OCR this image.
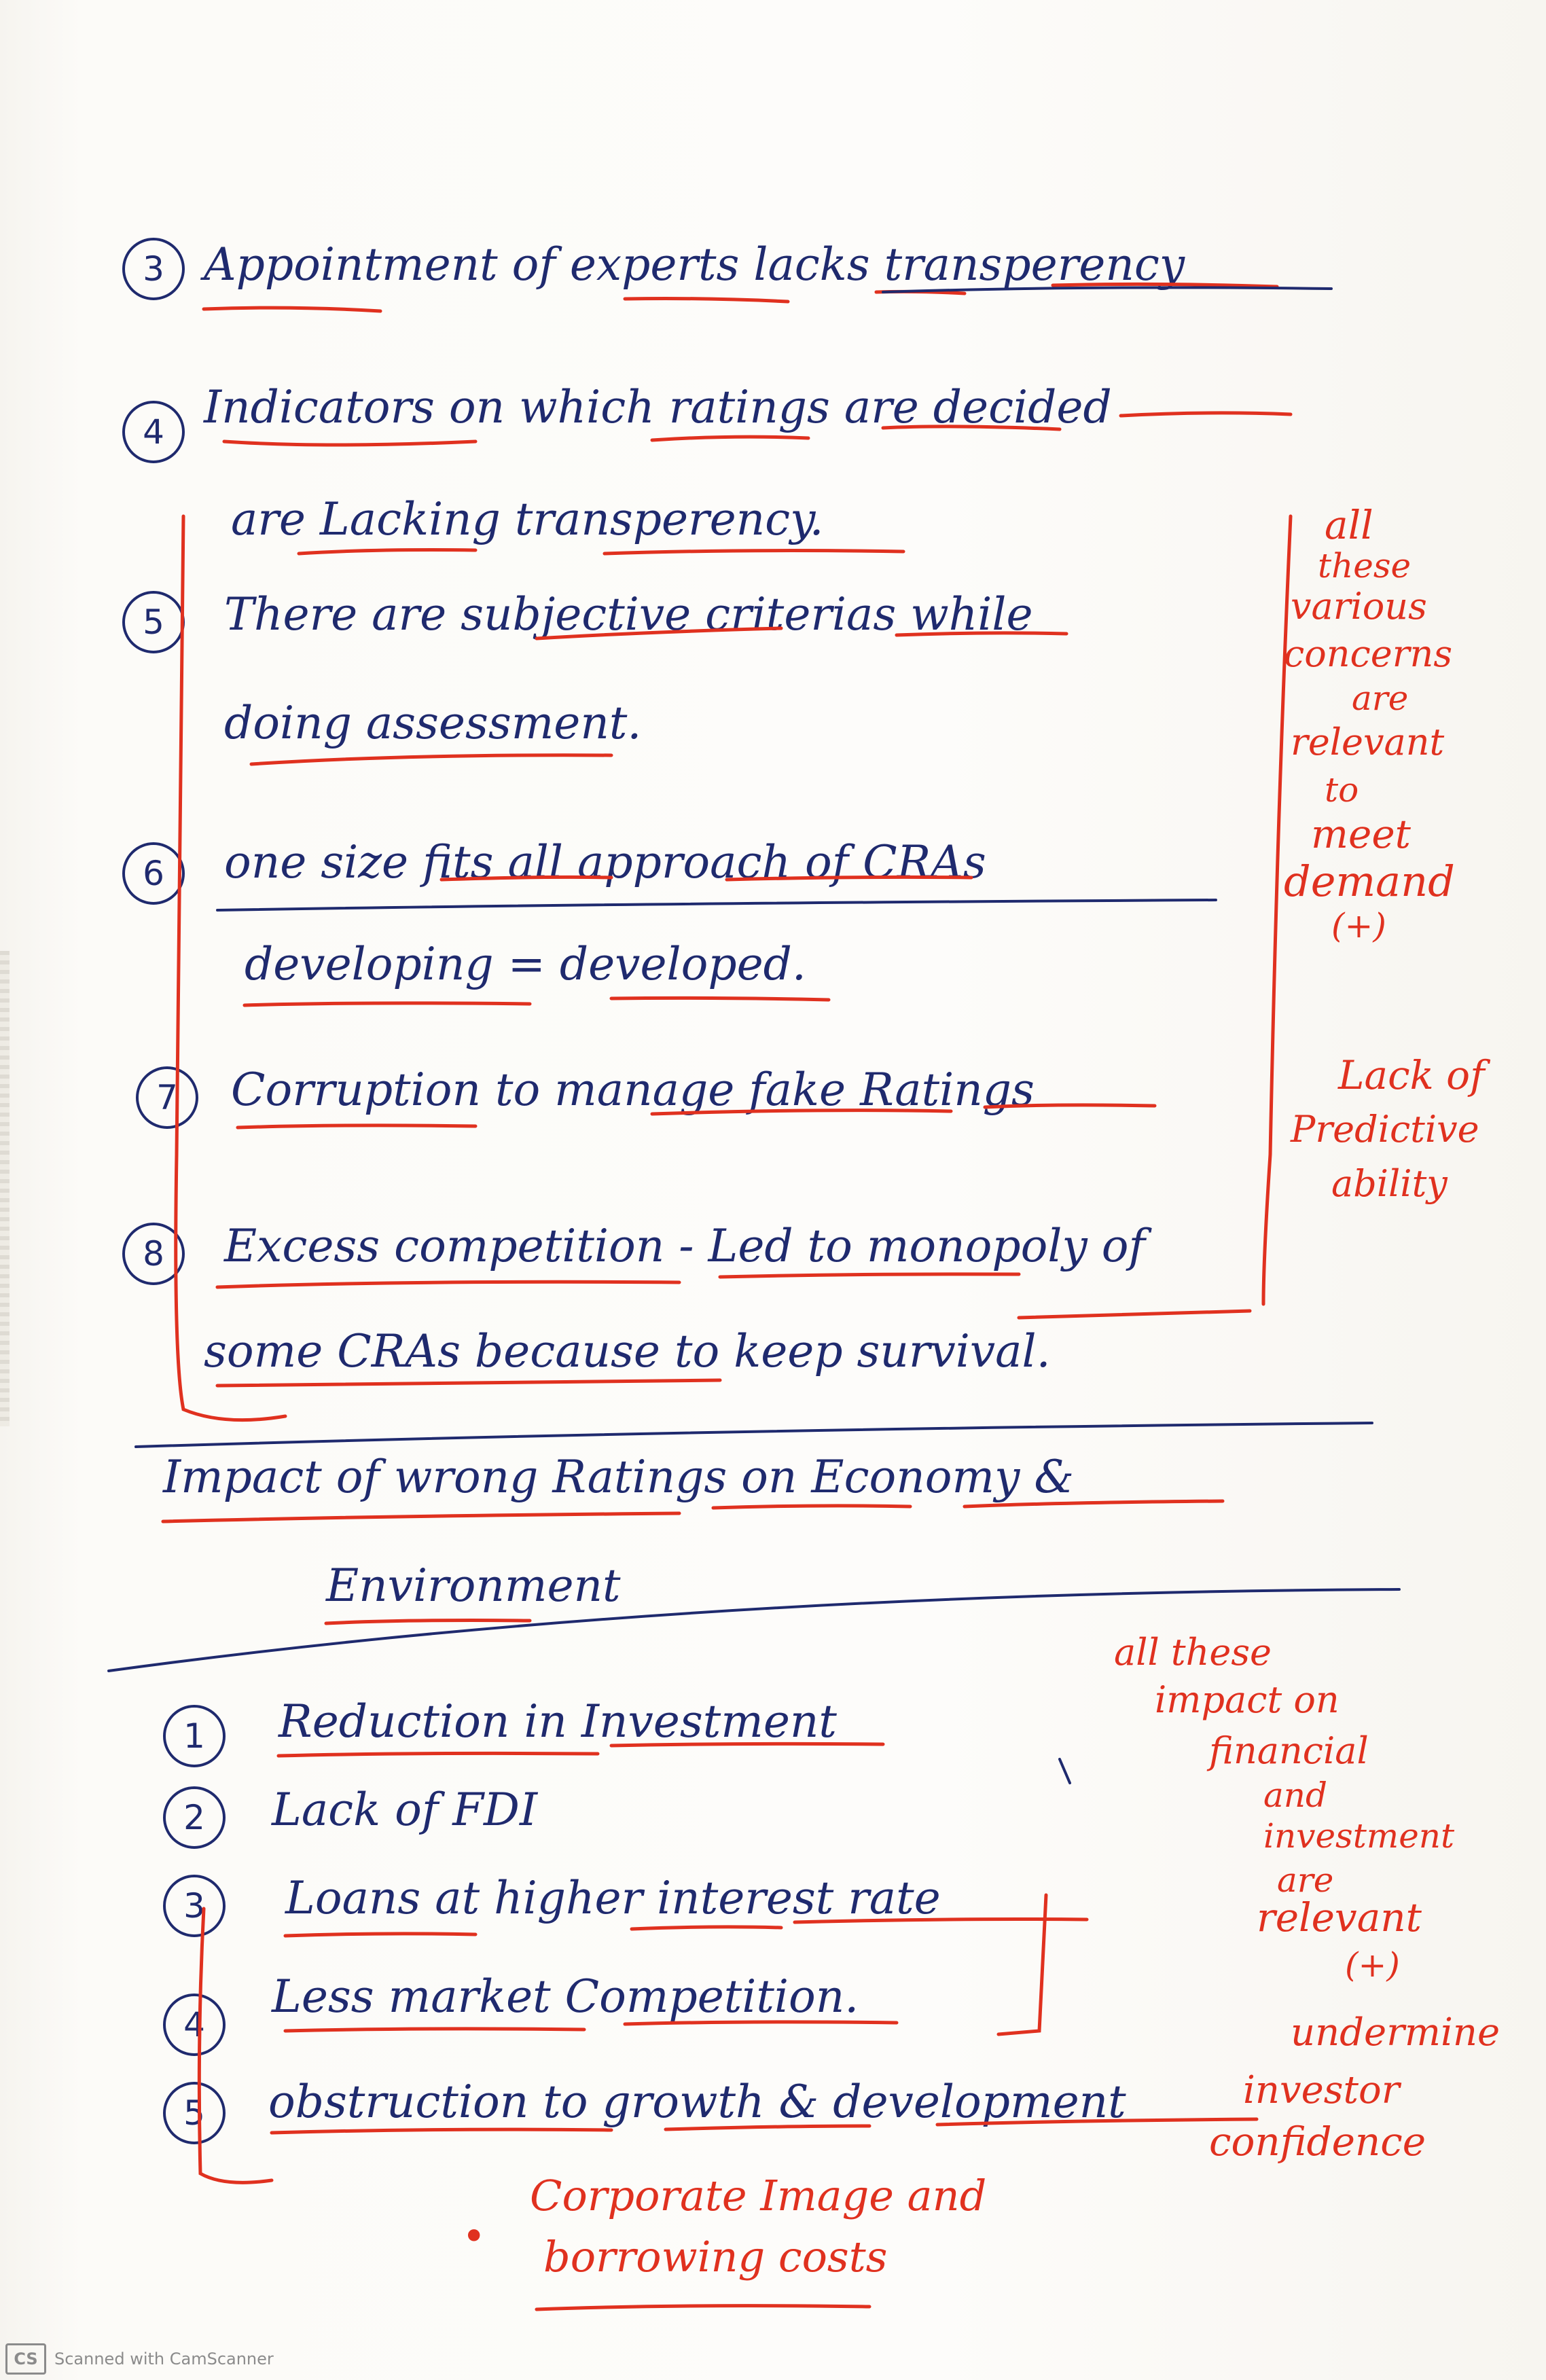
3 Appointment of experts lacks transperency
4 Indicators on which ratings are decided
are Lacking transperency.
5	There are subjective criterias while
doing assessment.
6	one size fits all approach of CRAs
developing = developed.
7	Corruption to manage fake Ratings
8	Excess competition - Led to monopoly of
some CRAs because to keep survival.
Impact of wrong Ratings on Economy &
Environment
1	Reduction in Investment
2	Lack of FDI
3	Loans at higher interest rate
4
Less market Competition.
5	obstruction to growth & development
•
Corporate Image and
borrowing costs
all
these
various
concerns
are
relevant
to
meet
demand
(+)
Lack of
Predictive
ability
all these
impact on
financial
and
investment
are
relevant
(+)
undermine
investor
confidence
CS	Scanned with CamScanner
